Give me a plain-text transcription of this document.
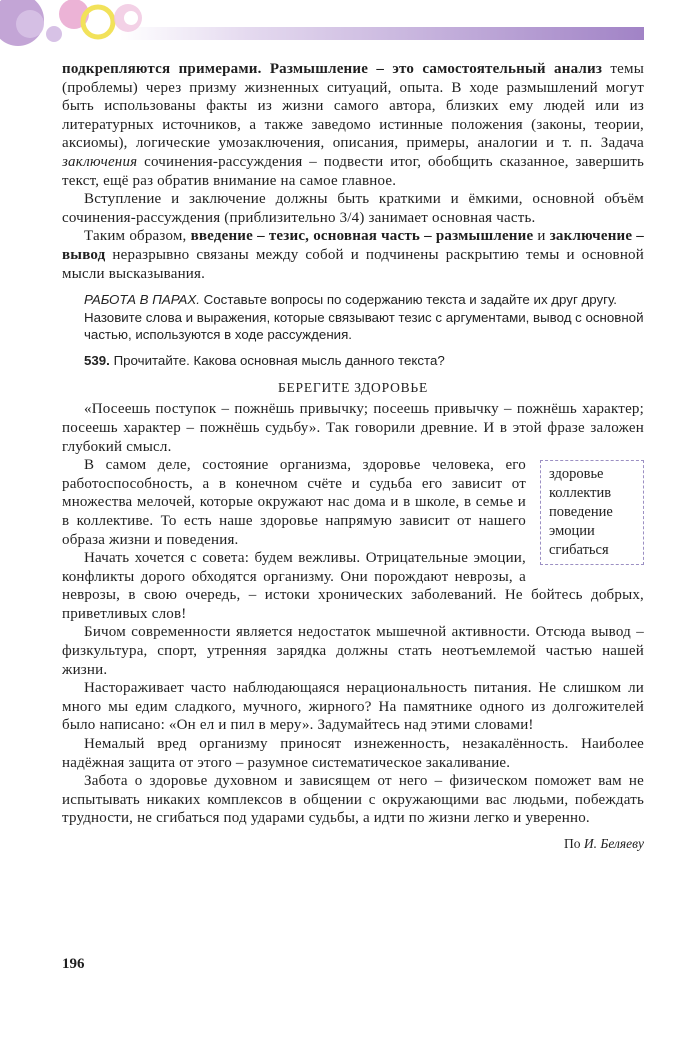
подкрепляются примерами. Размышление – это самостоятельный анализ темы (проблемы) через призму жизненных ситуаций, опыта. В ходе размышлений могут быть использованы факты из жизни самого автора, близких ему людей или из литературных источников, а также заведомо истинные положения (законы, теории, аксиомы), логические умозаключения, описания, примеры, аналогии и т. п. Задача заключения сочинения-рассуждения – подвести итог, обобщить сказанное, завершить текст, ещё раз обратив внимание на самое главное.

Вступление и заключение должны быть краткими и ёмкими, основной объём сочинения-рассуждения (приблизительно 3/4) занимает основная часть.

Таким образом, введение – тезис, основная часть – размышление и заключение – вывод неразрывно связаны между собой и подчинены раскрытию темы и основной мысли высказывания.

РАБОТА В ПАРАХ. Составьте вопросы по содержанию текста и задайте их друг другу.

Назовите слова и выражения, которые связывают тезис с аргументами, вывод с основной частью, используются в ходе рассуждения.

539. Прочитайте. Какова основная мысль данного текста?
БЕРЕГИТЕ ЗДОРОВЬЕ

«Посеешь поступок – пожнёшь привычку; посеешь привычку – пожнёшь характер; посеешь характер – пожнёшь судьбу». Так говорили древние. И в этой фразе заложен глубокий смысл.

здоровье
коллектив
поведение
эмоции
сгибаться

В самом деле, состояние организма, здоровье человека, его работоспособность, а в конечном счёте и судьба его зависит от множества мелочей, которые окружают нас дома и в школе, в семье и в коллективе. То есть наше здоровье напрямую зависит от нашего образа жизни и поведения.

Начать хочется с совета: будем вежливы. Отрицательные эмоции, конфликты дорого обходятся организму. Они порождают неврозы, а неврозы, в свою очередь, – истоки хронических заболеваний. Не бойтесь добрых, приветливых слов!

Бичом современности является недостаток мышечной активности. Отсюда вывод – физкультура, спорт, утренняя зарядка должны стать неотъемлемой частью нашей жизни.

Настораживает часто наблюдающаяся нерациональность питания. Не слишком ли много мы едим сладкого, мучного, жирного? На памятнике одного из долгожителей было написано: «Он ел и пил в меру». Задумайтесь над этими словами!

Немалый вред организму приносят изнеженность, незакалённость. Наиболее надёжная защита от этого – разумное систематическое закаливание.

Забота о здоровье духовном и зависящем от него – физическом поможет вам не испытывать никаких комплексов в общении с окружающими вас людьми, побеждать трудности, не сгибаться под ударами судьбы, а идти по жизни легко и уверенно.

По И. Беляеву
196
